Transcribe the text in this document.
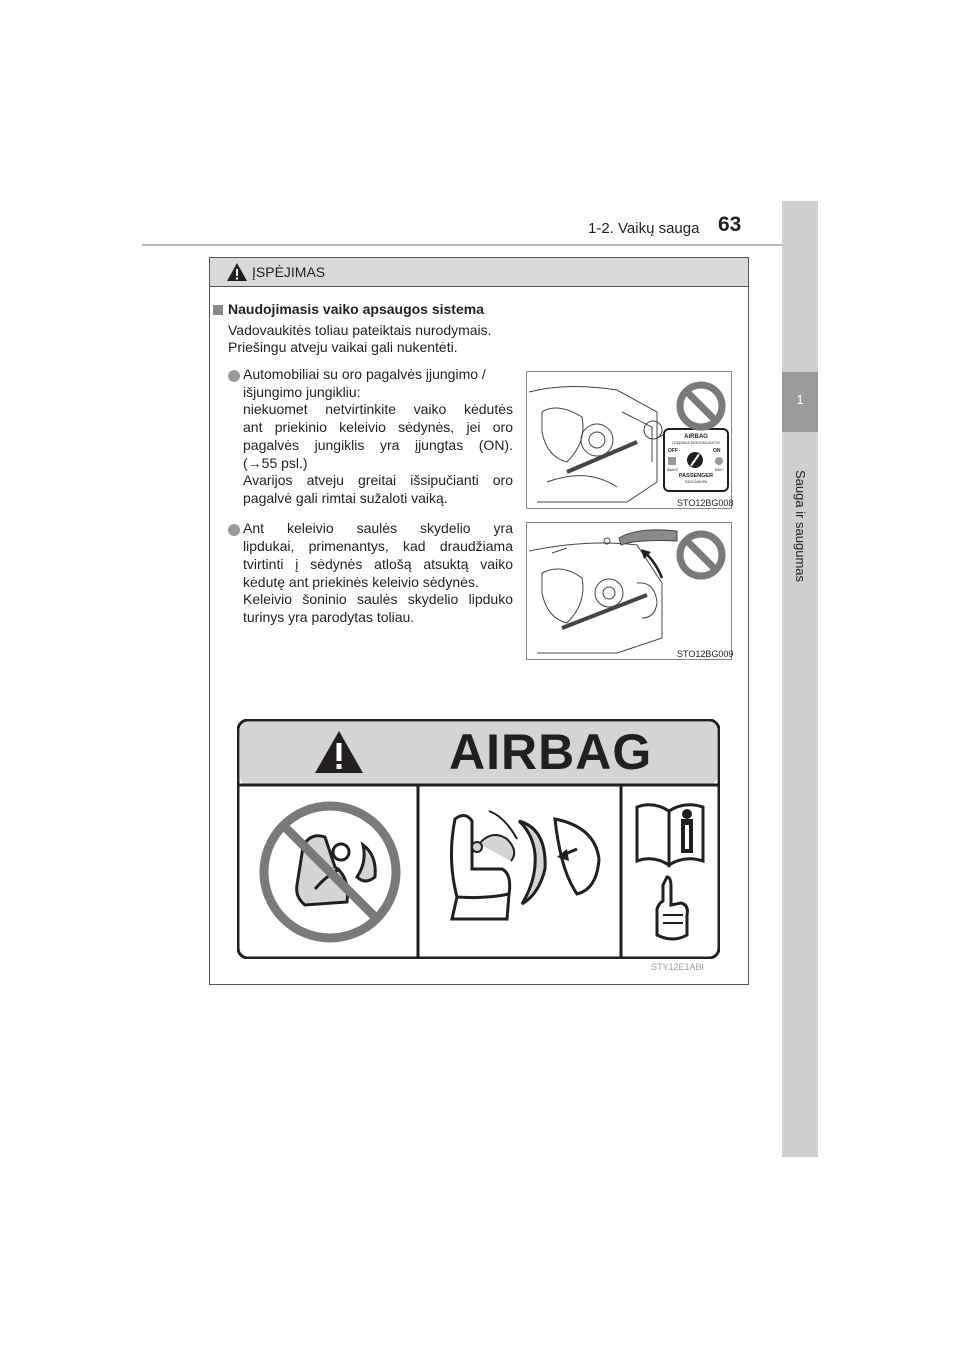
1-2. Vaikų sauga 63
1
Sauga ir saugumas
ĮSPĖJIMAS
Naudojimasis vaiko apsaugos sistema
Vadovaukitės toliau pateiktais nurodymais.
Priešingu atveju vaikai gali nukentėti.
Automobiliai su oro pagalvės įjungimo /
išjungimo jungikliu:
niekuomet netvirtinkite vaiko kėdutės
ant priekinio keleivio sėdynės, jei oro
pagalvės jungiklis yra įjungtas (ON).
(→55 psl.)
Avarijos atveju greitai išsipučianti oro
pagalvė gali rimtai sužaloti vaiką.
Ant keleivio saulės skydelio yra
lipdukai, primenantys, kad draudžiama
tvirtinti į sėdynės atlošą atsuktą vaiko
kėdutę ant priekinės keleivio sėdynės.
Keleivio šoninio saulės skydelio lipduko
turinys yra parodytas toliau.
AIRBAG
ПОДУШКА БЕЗОПАСНОСТИ
OFF	ON
ВЫКЛ	ВКЛ
PASSENGER
ПАССАЖИРА
STO12BG008
STO12BG009
AIRBAG
STY12E1ABI
